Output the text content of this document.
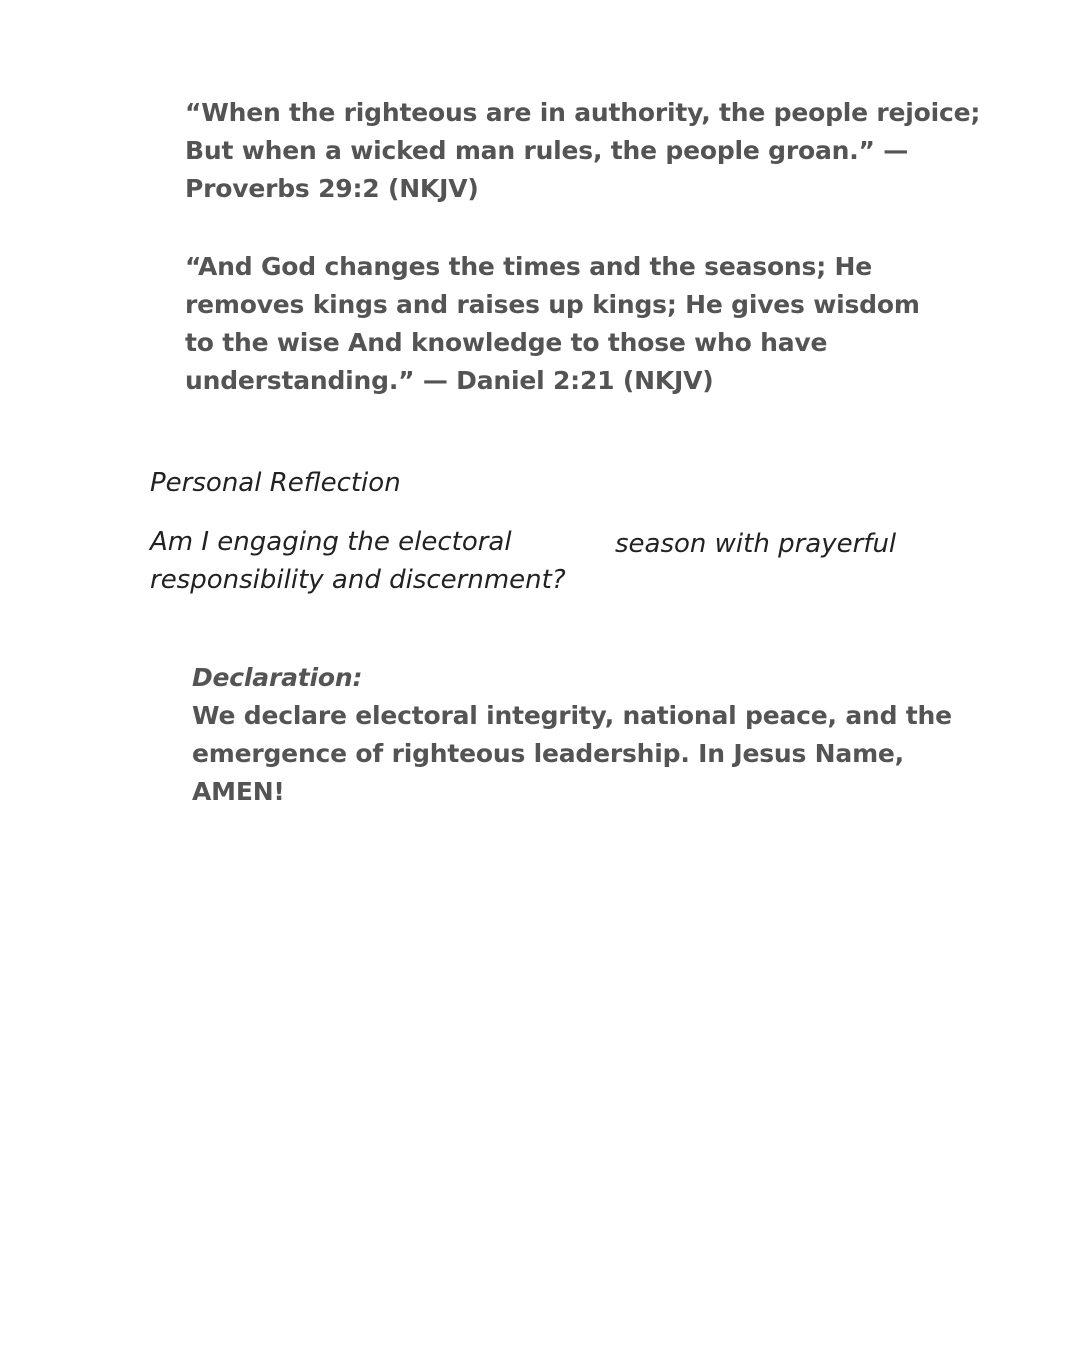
“When the righteous are in authority, the people rejoice;
But when a wicked man rules, the people groan.” —
Proverbs 29:2 (NKJV)
“And God changes the times and the seasons; He
removes kings and raises up kings; He gives wisdom
to the wise And knowledge to those who have
understanding.” — Daniel 2:21 (NKJV)
Personal Reflection
Am I engaging the electoral	season with prayerful
responsibility and discernment?
Declaration:
We declare electoral integrity, national peace, and the
emergence of righteous leadership. In Jesus Name,
AMEN!
